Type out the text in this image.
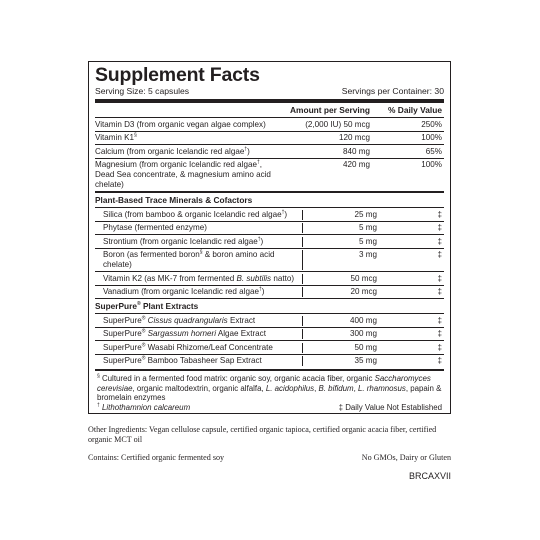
Supplement Facts
Serving Size: 5 capsules	Servings per Container: 30
Amount per Serving	% Daily Value
Vitamin D3 (from organic vegan algae complex)	(2,000 IU) 50 mcg	250%
Vitamin K1§	120 mcg	100%
Calcium (from organic Icelandic red algae†)	840 mg	65%
Magnesium (from organic Icelandic red algae†,
Dead Sea concentrate, & magnesium amino acid chelate)
420 mg	100%
Plant-Based Trace Minerals & Cofactors
Silica (from bamboo & organic Icelandic red algae†)	25 mg	‡
Phytase (fermented enzyme)	5 mg	‡
Strontium (from organic Icelandic red algae†)	5 mg	‡
Boron (as fermented boron§ & boron amino acid chelate)
3 mg	‡
Vitamin K2 (as MK-7 from fermented B. subtilis natto)	50 mcg	‡
Vanadium (from organic Icelandic red algae†)	20 mcg	‡
SuperPure® Plant Extracts
SuperPure® Cissus quadrangularis Extract	400 mg	‡
SuperPure® Sargassum horneri Algae Extract	300 mg	‡
SuperPure® Wasabi Rhizome/Leaf Concentrate	50 mg	‡
SuperPure® Bamboo Tabasheer Sap Extract	35 mg	‡
§ Cultured in a fermented food matrix: organic soy, organic acacia fiber, organic Saccharomyces cerevisiae, organic maltodextrin, organic alfalfa, L. acidophilus, B. bifidum, L. rhamnosus, papain & bromelain enzymes
† Lithothamnion calcareum	‡ Daily Value Not Established
Other Ingredients: Vegan cellulose capsule, certified organic tapioca, certified organic acacia fiber, certified organic MCT oil
Contains: Certified organic fermented soy	No GMOs, Dairy or Gluten
BRCAXVII
